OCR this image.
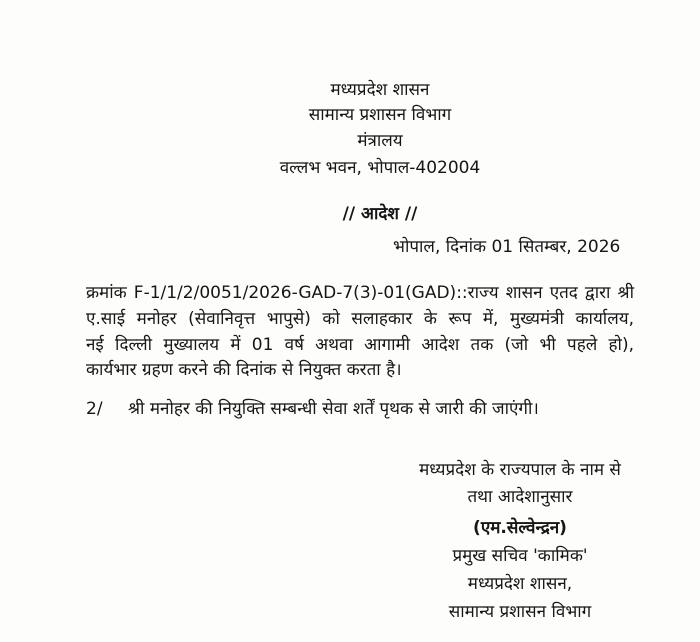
मध्यप्रदेश शासन
सामान्य प्रशासन विभाग
मंत्रालय
वल्लभ भवन, भोपाल-402004
// आदेश //
भोपाल, दिनांक 01 सितम्बर, 2026
क्रमांक F-1/1/2/0051/2026-GAD-7(3)-01(GAD)::राज्य शासन एतद द्वारा श्री
ए.साई मनोहर (सेवानिवृत्त भापुसे) को सलाहकार के रूप में, मुख्यमंत्री कार्यालय,
नई दिल्ली मुख्यालय में 01 वर्ष अथवा आगामी आदेश तक (जो भी पहले हो),
कार्यभार ग्रहण करने की दिनांक से नियुक्त करता है।
2/ श्री मनोहर की नियुक्ति सम्बन्धी सेवा शर्तें पृथक से जारी की जाएंगी।
मध्यप्रदेश के राज्यपाल के नाम से
तथा आदेशानुसार
(एम.सेल्वेन्द्रन)
प्रमुख सचिव 'कामिक'
मध्यप्रदेश शासन,
सामान्य प्रशासन विभाग
